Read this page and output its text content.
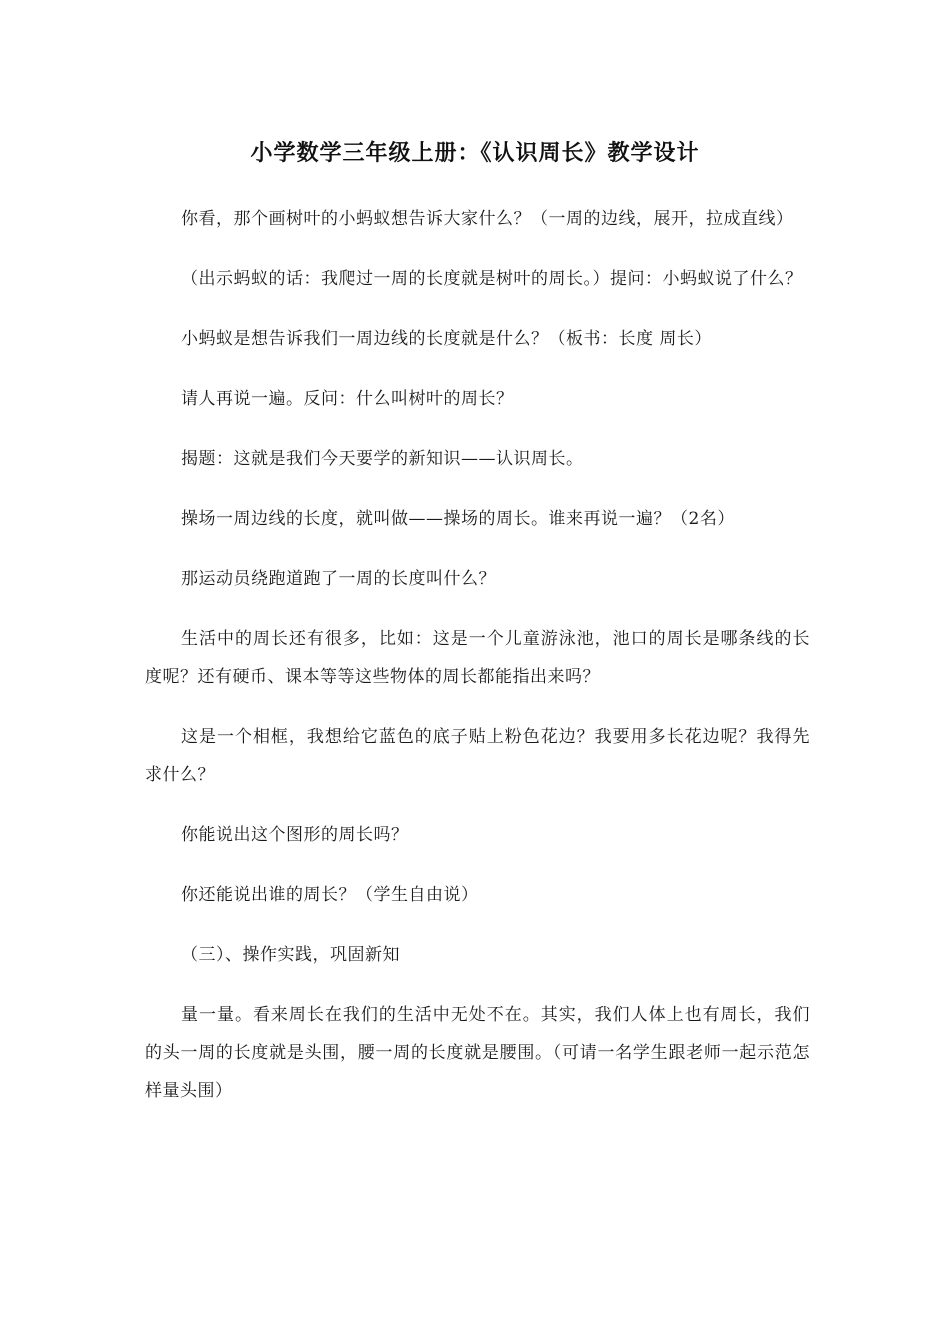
小学数学三年级上册：《认识周长》教学设计

你看，那个画树叶的小蚂蚁想告诉大家什么？（一周的边线，展开，拉成直线）

（出示蚂蚁的话：我爬过一周的长度就是树叶的周长。）提问：小蚂蚁说了什么？

小蚂蚁是想告诉我们一周边线的长度就是什么？（板书：长度 周长）

请人再说一遍。反问：什么叫树叶的周长？

揭题：这就是我们今天要学的新知识——认识周长。

操场一周边线的长度，就叫做——操场的周长。谁来再说一遍？（2名）

那运动员绕跑道跑了一周的长度叫什么？

生活中的周长还有很多，比如：这是一个儿童游泳池，池口的周长是哪条线的长度呢？还有硬币、课本等等这些物体的周长都能指出来吗？

这是一个相框，我想给它蓝色的底子贴上粉色花边？我要用多长花边呢？我得先求什么？

你能说出这个图形的周长吗？

你还能说出谁的周长？（学生自由说）

（三）、操作实践，巩固新知

量一量。看来周长在我们的生活中无处不在。其实，我们人体上也有周长，我们的头一周的长度就是头围，腰一周的长度就是腰围。（可请一名学生跟老师一起示范怎样量头围）
